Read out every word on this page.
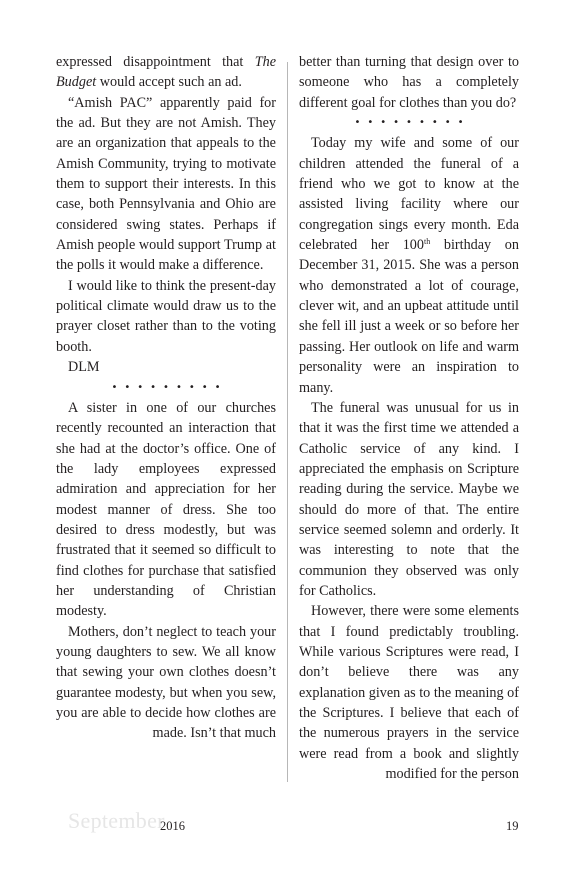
expressed disappointment that The Budget would accept such an ad.

“Amish PAC” apparently paid for the ad. But they are not Amish. They are an organization that appeals to the Amish Community, trying to motivate them to support their interests. In this case, both Pennsylvania and Ohio are considered swing states. Perhaps if Amish people would support Trump at the polls it would make a difference.

I would like to think the present-day political climate would draw us to the prayer closet rather than to the voting booth.

DLM

•••••••••

A sister in one of our churches recently recounted an interaction that she had at the doctor’s office. One of the lady employees expressed admiration and appreciation for her modest manner of dress. She too desired to dress modestly, but was frustrated that it seemed so difficult to find clothes for purchase that satisfied her understanding of Christian modesty.

Mothers, don’t neglect to teach your young daughters to sew. We all know that sewing your own clothes doesn’t guarantee modesty, but when you sew, you are able to decide how clothes are made. Isn’t that much

better than turning that design over to someone who has a completely different goal for clothes than you do?

•••••••••

Today my wife and some of our children attended the funeral of a friend who we got to know at the assisted living facility where our congregation sings every month. Eda celebrated her 100th birthday on December 31, 2015. She was a person who demonstrated a lot of courage, clever wit, and an upbeat attitude until she fell ill just a week or so before her passing. Her outlook on life and warm personality were an inspiration to many.

The funeral was unusual for us in that it was the first time we attended a Catholic service of any kind. I appreciated the emphasis on Scripture reading during the service. Maybe we should do more of that. The entire service seemed solemn and orderly. It was interesting to note that the communion they observed was only for Catholics.

However, there were some elements that I found predictably troubling. While various Scriptures were read, I don’t believe there was any explanation given as to the meaning of the Scriptures. I believe that each of the numerous prayers in the service were read from a book and slightly modified for the person

September
2016	19
